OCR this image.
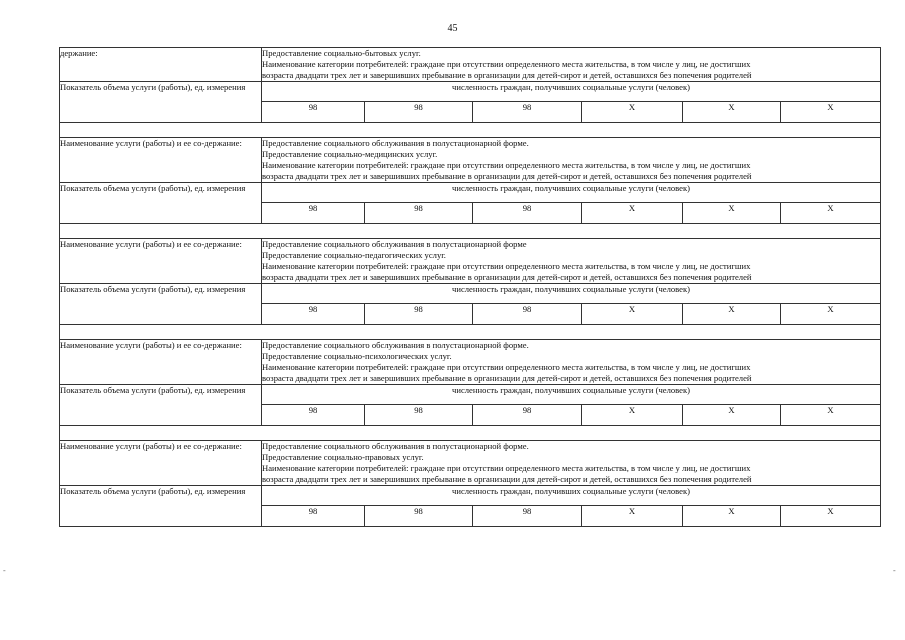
45
держание:	Предоставление социально-бытовых услуг.
Наименование категории потребителей: граждане при отсутствии определенного места жительства, в том числе у лиц, не достигших
возраста двадцати трех лет и завершивших пребывание в организации для детей-сирот и детей, оставшихся без попечения родителей					

Показатель объема услуги (работы), ед. измерения	численность граждан, получивших социальные услуги (человек)					
	98	98	98	X	X	X

Наименование услуги (работы) и ее со-держание:	Предоставление социального обслуживания в полустационарной форме.
Предоставление социально-медицинских услуг.
Наименование категории потребителей: граждане при отсутствии определенного места жительства, в том числе у лиц, не достигших
возраста двадцати трех лет и завершивших пребывание в организации для детей-сирот и детей, оставшихся без попечения родителей					

Показатель объема услуги (работы), ед. измерения	численность граждан, получивших социальные услуги (человек)					
	98	98	98	X	X	X

Наименование услуги (работы) и ее со-держание:	Предоставление социального обслуживания в полустационарной форме
Предоставление социально-педагогических услуг.
Наименование категории потребителей: граждане при отсутствии определенного места жительства, в том числе у лиц, не достигших
возраста двадцати трех лет и завершивших пребывание в организации для детей-сирот и детей, оставшихся без попечения родителей					

Показатель объема услуги (работы), ед. измерения	численность граждан, получивших социальные услуги (человек)					
	98	98	98	X	X	X

Наименование услуги (работы) и ее со-держание:	Предоставление социального обслуживания в полустационарной форме.
Предоставление социально-психологических услуг.
Наименование категории потребителей: граждане при отсутствии определенного места жительства, в том числе у лиц, не достигших
возраста двадцати трех лет и завершивших пребывание в организации для детей-сирот и детей, оставшихся без попечения родителей					

Показатель объема услуги (работы), ед. измерения	численность граждан, получивших социальные услуги (человек)					
	98	98	98	X	X	X

Наименование услуги (работы) и ее со-держание:	Предоставление социального обслуживания в полустационарной форме.
Предоставление социально-правовых услуг.
Наименование категории потребителей: граждане при отсутствии определенного места жительства, в том числе у лиц, не достигших
возраста двадцати трех лет и завершивших пребывание в организации для детей-сирот и детей, оставшихся без попечения родителей					

Показатель объема услуги (работы), ед. измерения	численность граждан, получивших социальные услуги (человек)					
	98	98	98	X	X	X
-	-
